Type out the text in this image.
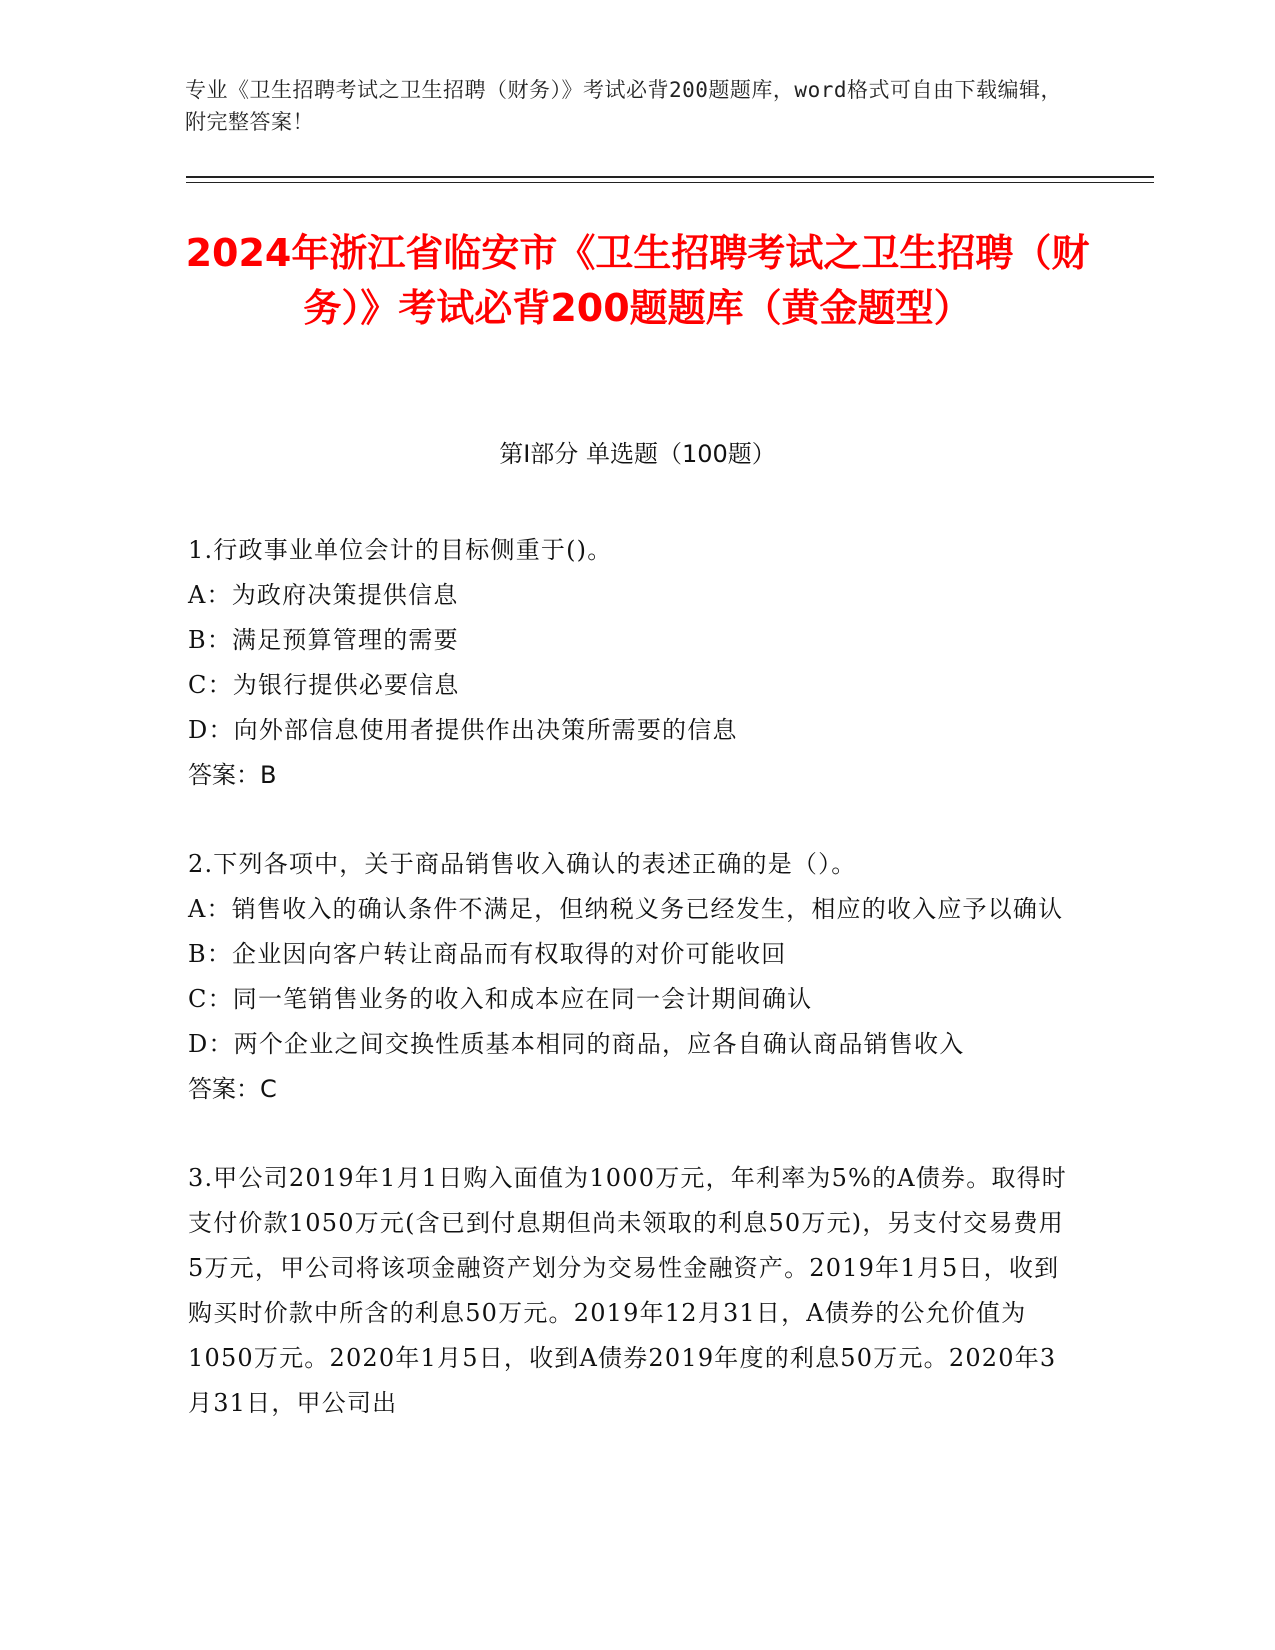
专业《卫生招聘考试之卫生招聘（财务）》考试必背200题题库，word格式可自由下载编辑，附完整答案！
2024年浙江省临安市《卫生招聘考试之卫生招聘（财务）》考试必背200题题库（黄金题型）
第I部分 单选题（100题）
1.行政事业单位会计的目标侧重于()。
A：为政府决策提供信息
B：满足预算管理的需要
C：为银行提供必要信息
D：向外部信息使用者提供作出决策所需要的信息
答案：B
2.下列各项中，关于商品销售收入确认的表述正确的是（）。
A：销售收入的确认条件不满足，但纳税义务已经发生，相应的收入应予以确认
B：企业因向客户转让商品而有权取得的对价可能收回
C：同一笔销售业务的收入和成本应在同一会计期间确认
D：两个企业之间交换性质基本相同的商品，应各自确认商品销售收入
答案：C
3.甲公司2019年1月1日购入面值为1000万元，年利率为5%的A债券。取得时支付价款1050万元(含已到付息期但尚未领取的利息50万元)，另支付交易费用5万元，甲公司将该项金融资产划分为交易性金融资产。2019年1月5日，收到购买时价款中所含的利息50万元。2019年12月31日，A债券的公允价值为1050万元。2020年1月5日，收到A债券2019年度的利息50万元。2020年3月31日，甲公司出
